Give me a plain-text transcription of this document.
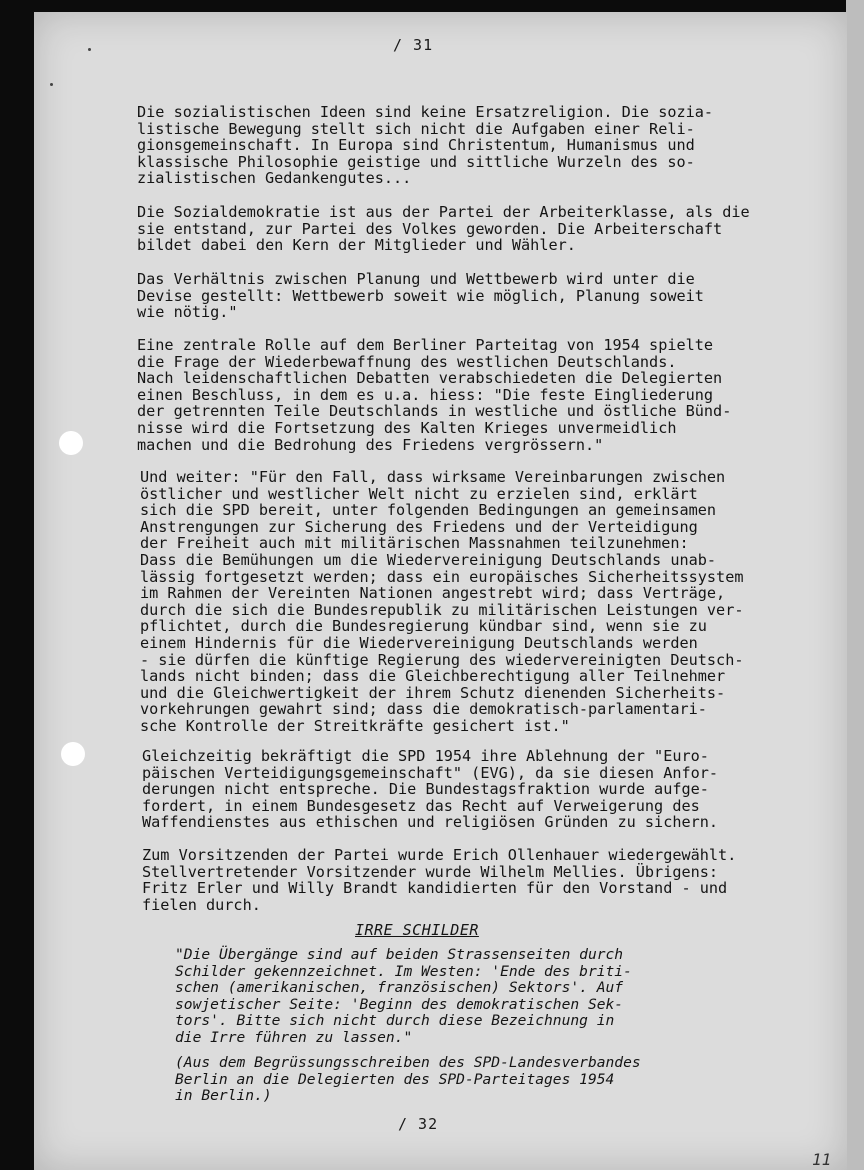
/ 31

Die sozialistischen Ideen sind keine Ersatzreligion. Die sozia-
listische Bewegung stellt sich nicht die Aufgaben einer Reli-
gionsgemeinschaft. In Europa sind Christentum, Humanismus und
klassische Philosophie geistige und sittliche Wurzeln des so-
zialistischen Gedankengutes...

Die Sozialdemokratie ist aus der Partei der Arbeiterklasse, als die
sie entstand, zur Partei des Volkes geworden. Die Arbeiterschaft
bildet dabei den Kern der Mitglieder und Wähler.

Das Verhältnis zwischen Planung und Wettbewerb wird unter die
Devise gestellt: Wettbewerb soweit wie möglich, Planung soweit
wie nötig."

Eine zentrale Rolle auf dem Berliner Parteitag von 1954 spielte
die Frage der Wiederbewaffnung des westlichen Deutschlands.
Nach leidenschaftlichen Debatten verabschiedeten die Delegierten
einen Beschluss, in dem es u.a. hiess: "Die feste Eingliederung
der getrennten Teile Deutschlands in westliche und östliche Bünd-
nisse wird die Fortsetzung des Kalten Krieges unvermeidlich
machen und die Bedrohung des Friedens vergrössern."

Und weiter: "Für den Fall, dass wirksame Vereinbarungen zwischen
östlicher und westlicher Welt nicht zu erzielen sind, erklärt
sich die SPD bereit, unter folgenden Bedingungen an gemeinsamen
Anstrengungen zur Sicherung des Friedens und der Verteidigung
der Freiheit auch mit militärischen Massnahmen teilzunehmen:
Dass die Bemühungen um die Wiedervereinigung Deutschlands unab-
lässig fortgesetzt werden; dass ein europäisches Sicherheitssystem
im Rahmen der Vereinten Nationen angestrebt wird; dass Verträge,
durch die sich die Bundesrepublik zu militärischen Leistungen ver-
pflichtet, durch die Bundesregierung kündbar sind, wenn sie zu
einem Hindernis für die Wiedervereinigung Deutschlands werden
- sie dürfen die künftige Regierung des wiedervereinigten Deutsch-
lands nicht binden; dass die Gleichberechtigung aller Teilnehmer
und die Gleichwertigkeit der ihrem Schutz dienenden Sicherheits-
vorkehrungen gewahrt sind; dass die demokratisch-parlamentari-
sche Kontrolle der Streitkräfte gesichert ist."

Gleichzeitig bekräftigt die SPD 1954 ihre Ablehnung der "Euro-
päischen Verteidigungsgemeinschaft" (EVG), da sie diesen Anfor-
derungen nicht entspreche. Die Bundestagsfraktion wurde aufge-
fordert, in einem Bundesgesetz das Recht auf Verweigerung des
Waffendienstes aus ethischen und religiösen Gründen zu sichern.

Zum Vorsitzenden der Partei wurde Erich Ollenhauer wiedergewählt.
Stellvertretender Vorsitzender wurde Wilhelm Mellies. Übrigens:
Fritz Erler und Willy Brandt kandidierten für den Vorstand - und
fielen durch.

IRRE SCHILDER

"Die Übergänge sind auf beiden Strassenseiten durch
Schilder gekennzeichnet. Im Westen: 'Ende des briti-
schen (amerikanischen, französischen) Sektors'. Auf
sowjetischer Seite: 'Beginn des demokratischen Sek-
tors'. Bitte sich nicht durch diese Bezeichnung in
die Irre führen zu lassen."

(Aus dem Begrüssungsschreiben des SPD-Landesverbandes
Berlin an die Delegierten des SPD-Parteitages 1954
in Berlin.)

/ 32
11
